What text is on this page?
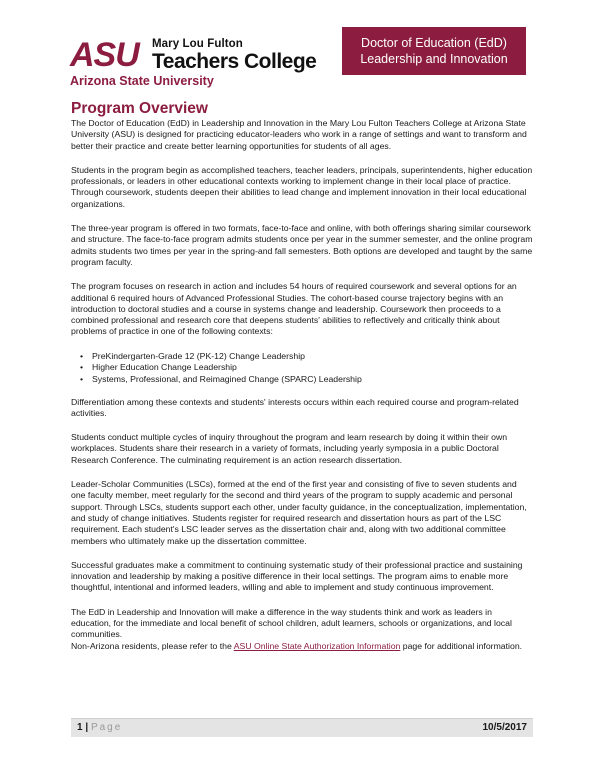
ASU Mary Lou Fulton
Teachers College
Arizona State University
Doctor of Education (EdD)
Leadership and Innovation
Program Overview

The Doctor of Education (EdD) in Leadership and Innovation in the Mary Lou Fulton Teachers College at Arizona State University (ASU) is designed for practicing educator-leaders who work in a range of settings and want to transform and better their practice and create better learning opportunities for students of all ages.

Students in the program begin as accomplished teachers, teacher leaders, principals, superintendents, higher education professionals, or leaders in other educational contexts working to implement change in their local place of practice. Through coursework, students deepen their abilities to lead change and implement innovation in their local educational organizations.

The three-year program is offered in two formats, face-to-face and online, with both offerings sharing similar coursework and structure. The face-to-face program admits students once per year in the summer semester, and the online program admits students two times per year in the spring-and fall semesters. Both options are developed and taught by the same program faculty.

The program focuses on research in action and includes 54 hours of required coursework and several options for an additional 6 required hours of Advanced Professional Studies. The cohort-based course trajectory begins with an introduction to doctoral studies and a course in systems change and leadership. Coursework then proceeds to a combined professional and research core that deepens students' abilities to reflectively and critically think about problems of practice in one of the following contexts:

• PreKindergarten-Grade 12 (PK-12) Change Leadership
• Higher Education Change Leadership
• Systems, Professional, and Reimagined Change (SPARC) Leadership

Differentiation among these contexts and students' interests occurs within each required course and program-related activities.

Students conduct multiple cycles of inquiry throughout the program and learn research by doing it within their own workplaces. Students share their research in a variety of formats, including yearly symposia in a public Doctoral Research Conference. The culminating requirement is an action research dissertation.

Leader-Scholar Communities (LSCs), formed at the end of the first year and consisting of five to seven students and one faculty member, meet regularly for the second and third years of the program to supply academic and personal support. Through LSCs, students support each other, under faculty guidance, in the conceptualization, implementation, and study of change initiatives. Students register for required research and dissertation hours as part of the LSC requirement. Each student's LSC leader serves as the dissertation chair and, along with two additional committee members who ultimately make up the dissertation committee.

Successful graduates make a commitment to continuing systematic study of their professional practice and sustaining innovation and leadership by making a positive difference in their local settings. The program aims to enable more thoughtful, intentional and informed leaders, willing and able to implement and study continuous improvement.

The EdD in Leadership and Innovation will make a difference in the way students think and work as leaders in education, for the immediate and local benefit of school children, adult learners, schools or organizations, and local communities.

Non-Arizona residents, please refer to the ASU Online State Authorization Information page for additional information.

1 | Page	10/5/2017
